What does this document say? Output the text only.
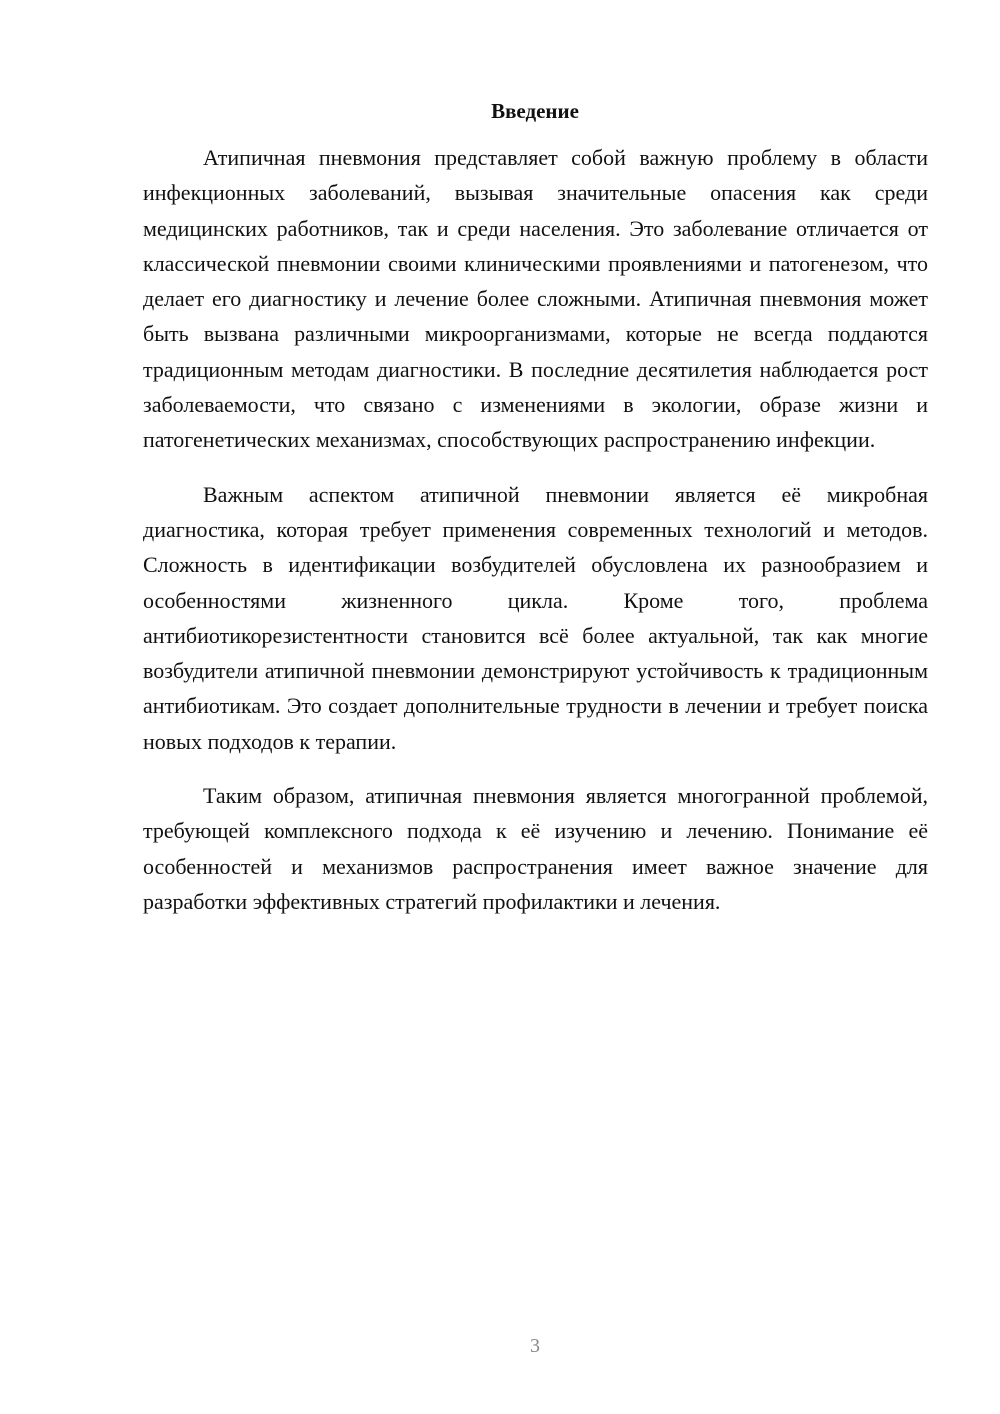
Введение

Атипичная пневмония представляет собой важную проблему в области инфекционных заболеваний, вызывая значительные опасения как среди медицинских работников, так и среди населения. Это заболевание отличается от классической пневмонии своими клиническими проявлениями и патогенезом, что делает его диагностику и лечение более сложными. Атипичная пневмония может быть вызвана различными микроорганизмами, которые не всегда поддаются традиционным методам диагностики. В последние десятилетия наблюдается рост заболеваемости, что связано с изменениями в экологии, образе жизни и патогенетических механизмах, способствующих распространению инфекции.

Важным аспектом атипичной пневмонии является её микробная диагностика, которая требует применения современных технологий и методов. Сложность в идентификации возбудителей обусловлена их разнообразием и особенностями жизненного цикла. Кроме того, проблема антибиотикорезистентности становится всё более актуальной, так как многие возбудители атипичной пневмонии демонстрируют устойчивость к традиционным антибиотикам. Это создает дополнительные трудности в лечении и требует поиска новых подходов к терапии.

Таким образом, атипичная пневмония является многогранной проблемой, требующей комплексного подхода к её изучению и лечению. Понимание её особенностей и механизмов распространения имеет важное значение для разработки эффективных стратегий профилактики и лечения.

3
